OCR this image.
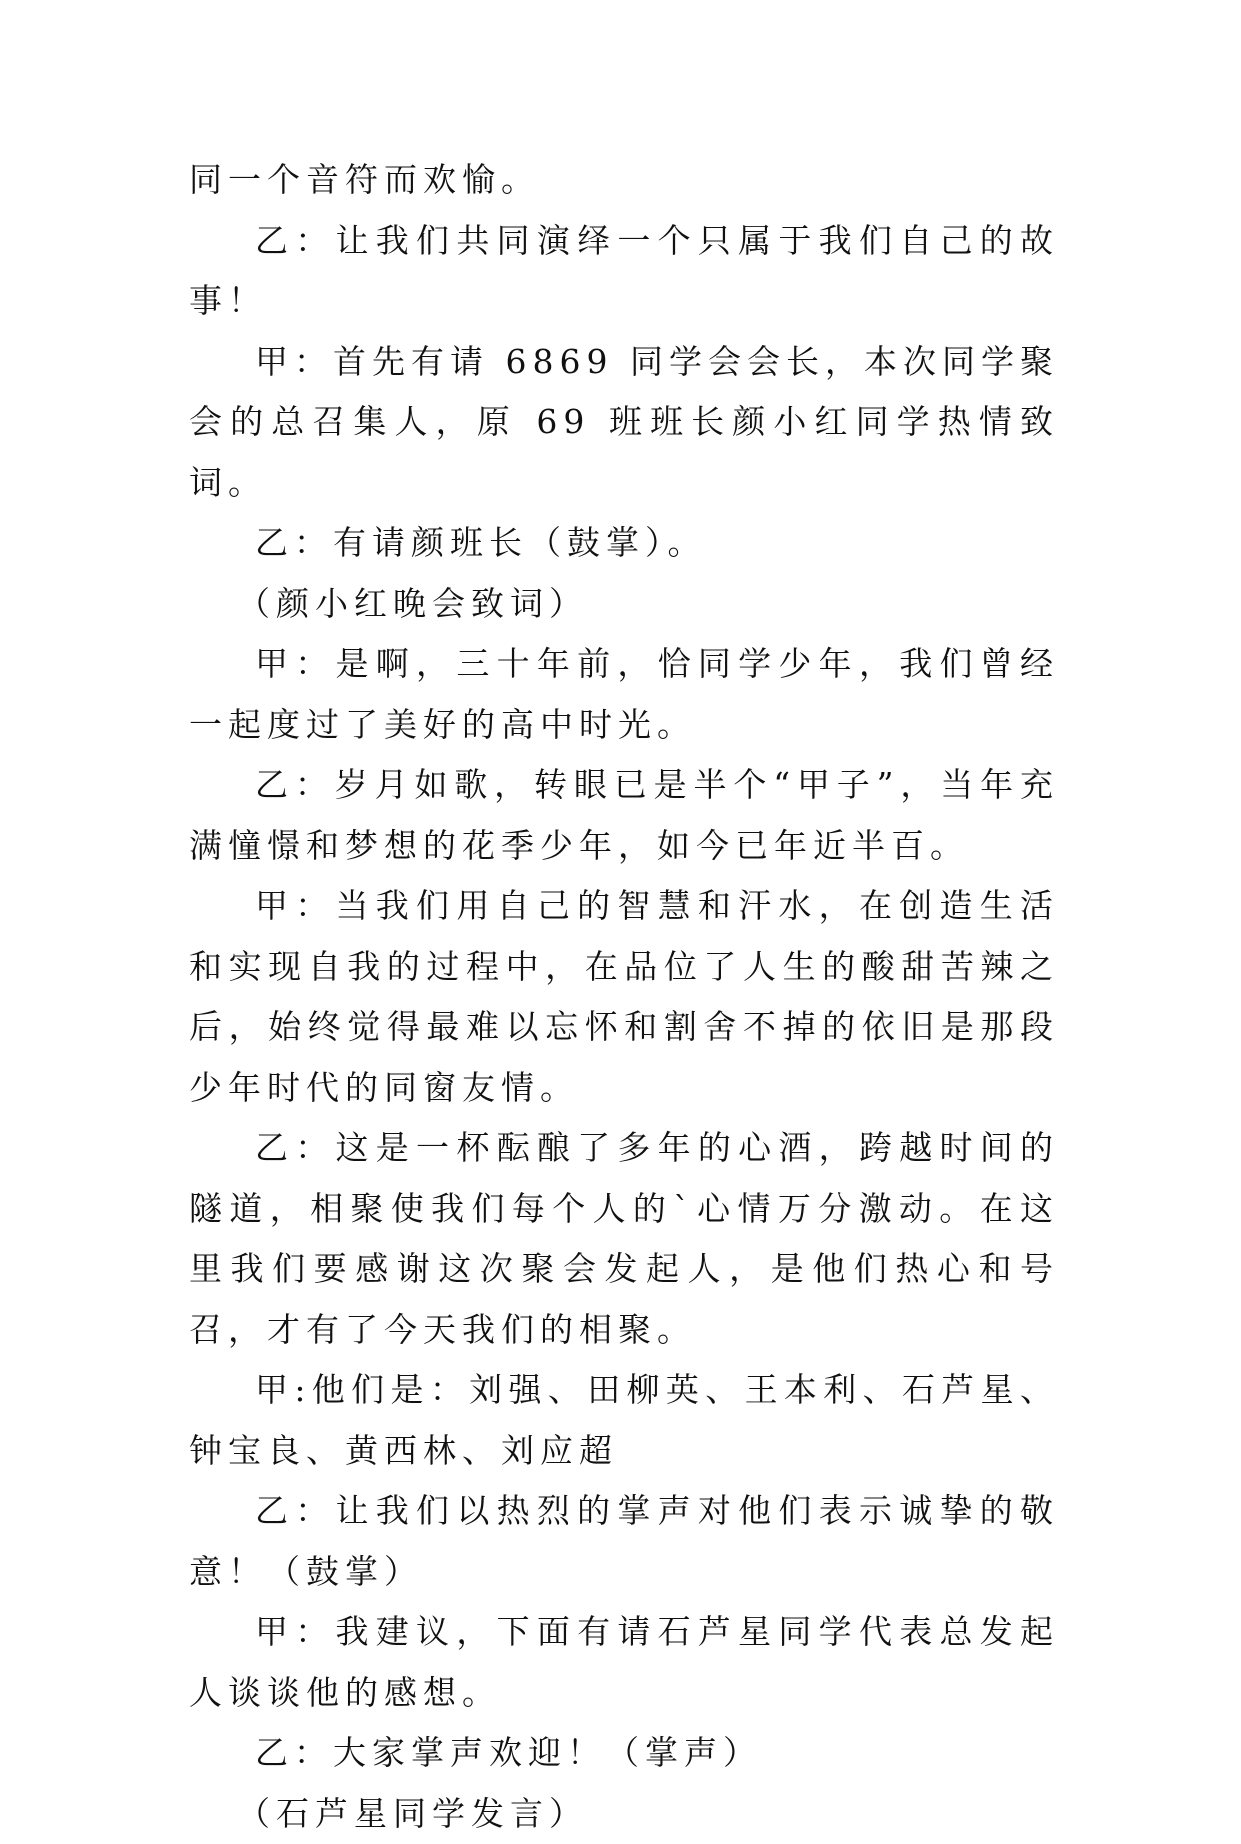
同一个音符而欢愉。

乙：让我们共同演绎一个只属于我们自己的故事！

甲：首先有请 6869 同学会会长，本次同学聚会的总召集人，原 69 班班长颜小红同学热情致词。

乙：有请颜班长（鼓掌）。

（颜小红晚会致词）

甲：是啊，三十年前，恰同学少年，我们曾经一起度过了美好的高中时光。

乙：岁月如歌，转眼已是半个“甲子”，当年充满憧憬和梦想的花季少年，如今已年近半百。

甲：当我们用自己的智慧和汗水，在创造生活和实现自我的过程中，在品位了人生的酸甜苦辣之后，始终觉得最难以忘怀和割舍不掉的依旧是那段少年时代的同窗友情。

乙：这是一杯酝酿了多年的心酒，跨越时间的隧道，相聚使我们每个人的`心情万分激动。在这里我们要感谢这次聚会发起人，是他们热心和号召，才有了今天我们的相聚。

甲:他们是：刘强、田柳英、王本利、石芦星、钟宝良、黄西林、刘应超

乙：让我们以热烈的掌声对他们表示诚挚的敬意！（鼓掌）

甲：我建议，下面有请石芦星同学代表总发起人谈谈他的感想。

乙：大家掌声欢迎！（掌声）

（石芦星同学发言）
